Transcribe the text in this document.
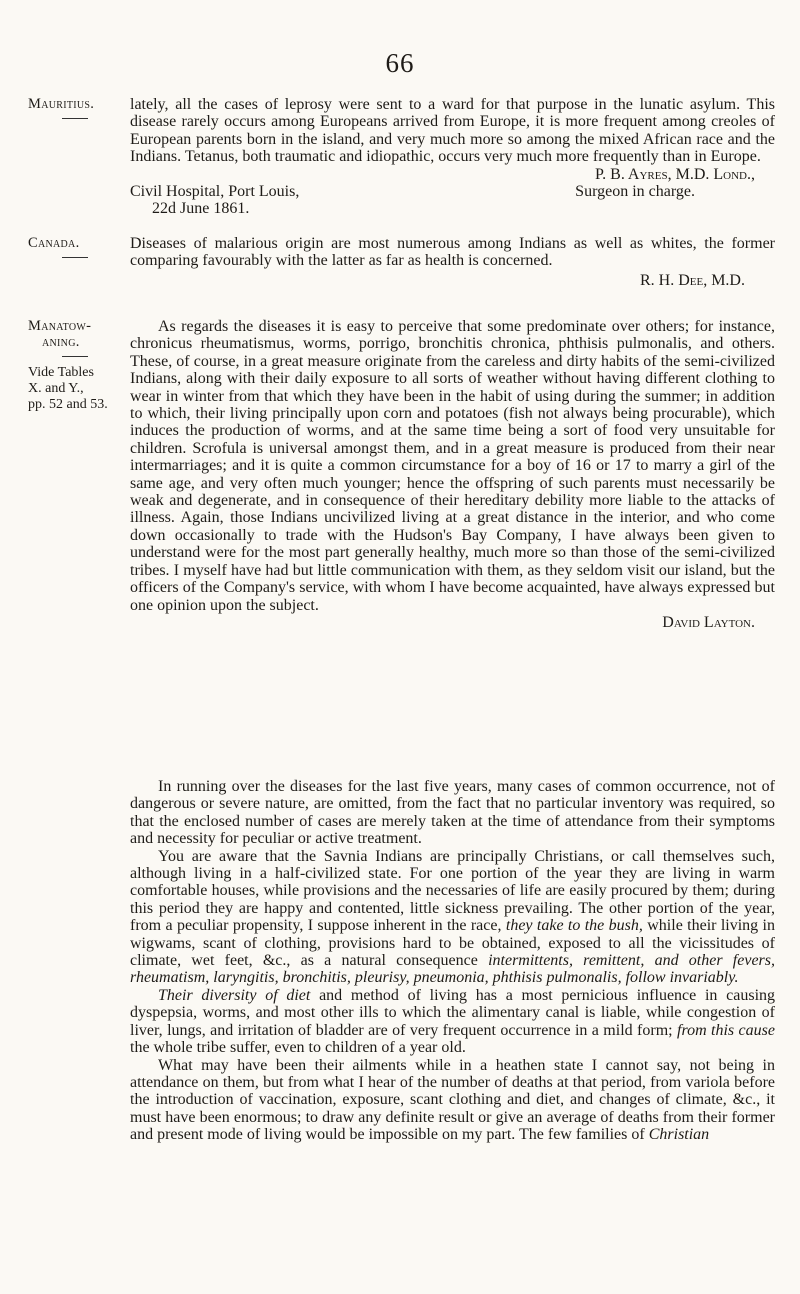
66
Mauritius.
Canada.
Manatow-
aning.
Vide Tables
X. and Y.,
pp. 52 and 53.

lately, all the cases of leprosy were sent to a ward for that purpose in the lunatic asylum. This disease rarely occurs among Europeans arrived from Europe, it is more frequent among creoles of European parents born in the island, and very much more so among the mixed African race and the Indians. Tetanus, both traumatic and idiopathic, occurs very much more frequently than in Europe.

P. B. Ayres, M.D. Lond.,
Civil Hospital, Port Louis,	Surgeon in charge.
22d June 1861.

Diseases of malarious origin are most numerous among Indians as well as whites, the former comparing favourably with the latter as far as health is concerned.

R. H. Dee, M.D.

As regards the diseases it is easy to perceive that some predominate over others; for instance, chronicus rheumatismus, worms, porrigo, bronchitis chronica, phthisis pulmonalis, and others. These, of course, in a great measure originate from the careless and dirty habits of the semi-civilized Indians, along with their daily exposure to all sorts of weather without having different clothing to wear in winter from that which they have been in the habit of using during the summer; in addition to which, their living principally upon corn and potatoes (fish not always being procurable), which induces the production of worms, and at the same time being a sort of food very unsuitable for children. Scrofula is universal amongst them, and in a great measure is produced from their near intermarriages; and it is quite a common circumstance for a boy of 16 or 17 to marry a girl of the same age, and very often much younger; hence the offspring of such parents must necessarily be weak and degenerate, and in consequence of their hereditary debility more liable to the attacks of illness. Again, those Indians uncivilized living at a great distance in the interior, and who come down occasionally to trade with the Hudson's Bay Company, I have always been given to understand were for the most part generally healthy, much more so than those of the semi-civilized tribes. I myself have had but little communication with them, as they seldom visit our island, but the officers of the Company's service, with whom I have become acquainted, have always expressed but one opinion upon the subject.

David Layton.

In running over the diseases for the last five years, many cases of common occurrence, not of dangerous or severe nature, are omitted, from the fact that no particular inventory was required, so that the enclosed number of cases are merely taken at the time of attendance from their symptoms and necessity for peculiar or active treatment.

You are aware that the Savnia Indians are principally Christians, or call themselves such, although living in a half-civilized state. For one portion of the year they are living in warm comfortable houses, while provisions and the necessaries of life are easily procured by them; during this period they are happy and contented, little sickness prevailing. The other portion of the year, from a peculiar propensity, I suppose inherent in the race, they take to the bush, while their living in wigwams, scant of clothing, provisions hard to be obtained, exposed to all the vicissitudes of climate, wet feet, &c., as a natural consequence intermittents, remittent, and other fevers, rheumatism, laryngitis, bronchitis, pleurisy, pneumonia, phthisis pulmonalis, follow invariably.

Their diversity of diet and method of living has a most pernicious influence in causing dyspepsia, worms, and most other ills to which the alimentary canal is liable, while congestion of liver, lungs, and irritation of bladder are of very frequent occurrence in a mild form; from this cause the whole tribe suffer, even to children of a year old.

What may have been their ailments while in a heathen state I cannot say, not being in attendance on them, but from what I hear of the number of deaths at that period, from variola before the introduction of vaccination, exposure, scant clothing and diet, and changes of climate, &c., it must have been enormous; to draw any definite result or give an average of deaths from their former and present mode of living would be impossible on my part. The few families of Christian
